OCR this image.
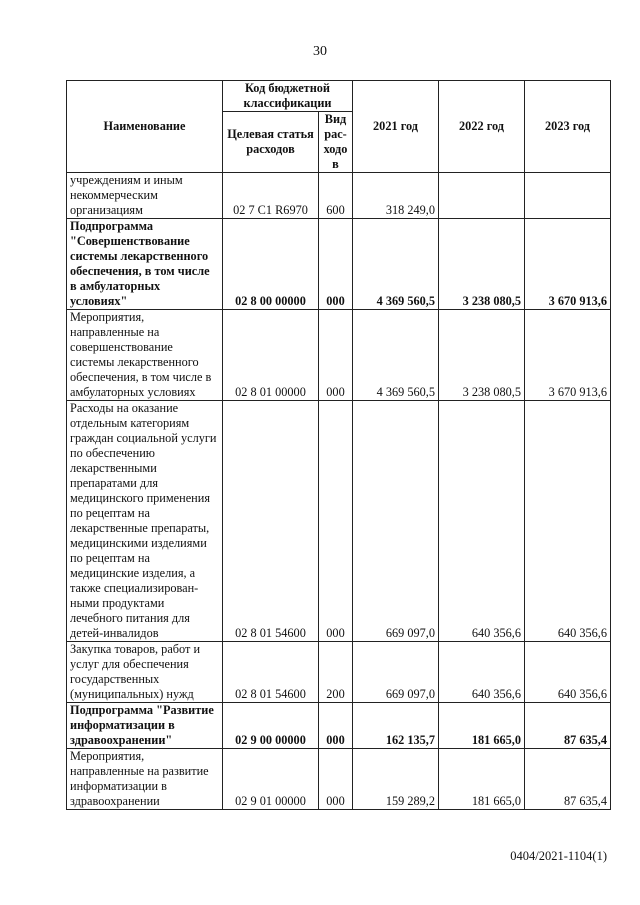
30
Наименование	Код бюджетной классификации		2021 год	2022 год	2023 год
	Целевая статья расходов	Вид рас-ходов			
учреждениям и иным некоммерческим организациям	02 7 C1 R6970	600	318 249,0		
Подпрограмма "Совершенствование системы лекарственного обеспечения, в том числе в амбулаторных условиях"	02 8 00 00000	000	4 369 560,5	3 238 080,5	3 670 913,6
Мероприятия, направленные на совершенствование системы лекарственного обеспечения, в том числе в амбулаторных условиях	02 8 01 00000	000	4 369 560,5	3 238 080,5	3 670 913,6
Расходы на оказание отдельным категориям граждан социальной услуги по обеспечению лекарственными препаратами для медицинского применения по рецептам на лекарственные препараты, медицинскими изделиями по рецептам на медицинские изделия, а также специализирован-ными продуктами лечебного питания для детей-инвалидов	02 8 01 54600	000	669 097,0	640 356,6	640 356,6
Закупка товаров, работ и услуг для обеспечения государственных (муниципальных) нужд	02 8 01 54600	200	669 097,0	640 356,6	640 356,6
Подпрограмма "Развитие информатизации в здравоохранении"	02 9 00 00000	000	162 135,7	181 665,0	87 635,4
Мероприятия, направленные на развитие информатизации в здравоохранении	02 9 01 00000	000	159 289,2	181 665,0	87 635,4
0404/2021-1104(1)
